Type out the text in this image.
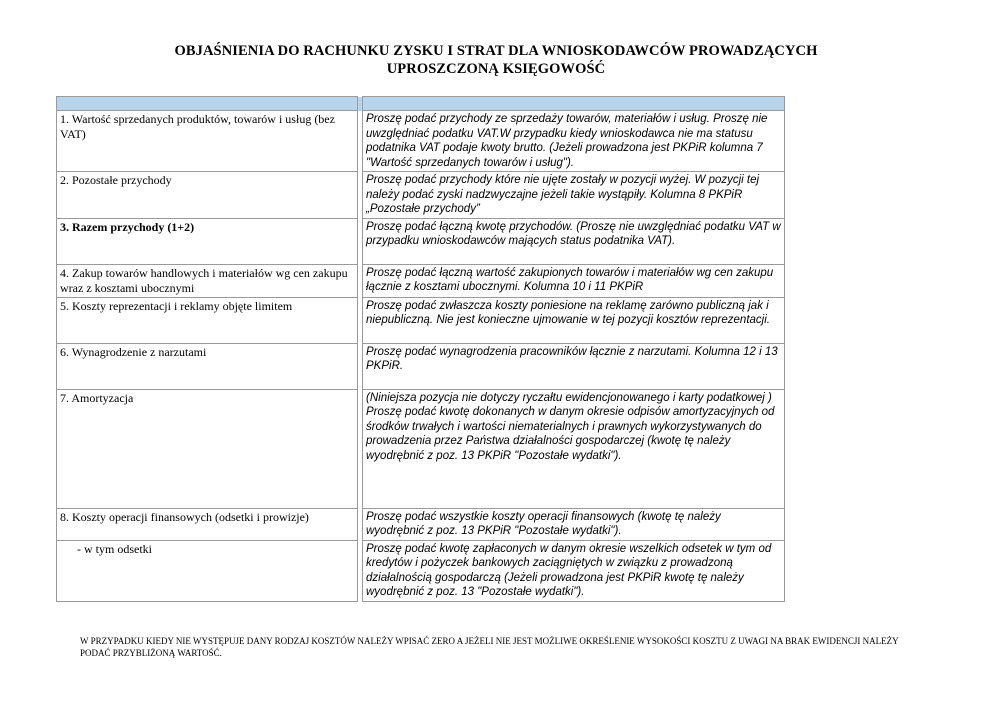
OBJAŚNIENIA DO RACHUNKU ZYSKU I STRAT DLA WNIOSKODAWCÓW PROWADZĄCYCH
UPROSZCZONĄ KSIĘGOWOŚĆ

1. Wartość sprzedanych produktów, towarów i usług (bez VAT)		Proszę podać przychody ze sprzedaży towarów, materiałów i usług. Proszę nie uwzględniać podatku VAT.W przypadku kiedy wnioskodawca nie ma statusu podatnika VAT podaje kwoty brutto. (Jeżeli prowadzona jest PKPiR kolumna 7 "Wartość sprzedanych towarów i usług").
2. Pozostałe przychody		Proszę podać przychody które nie ujęte zostały w pozycji wyżej. W pozycji tej należy podać zyski nadzwyczajne jeżeli takie wystąpiły. Kolumna 8 PKPiR „Pozostałe przychody”
3. Razem przychody (1+2)		Proszę podać łączną kwotę przychodów. (Proszę nie uwzględniać podatku VAT w przypadku wnioskodawców mających status podatnika VAT).
4. Zakup towarów handlowych i materiałów wg cen zakupu wraz z kosztami ubocznymi		Proszę podać łączną wartość zakupionych towarów i materiałów wg cen zakupu łącznie z kosztami ubocznymi. Kolumna 10 i 11 PKPiR
5. Koszty reprezentacji i reklamy objęte limitem		Proszę podać zwłaszcza koszty poniesione na reklamę zarówno publiczną jak i niepubliczną. Nie jest konieczne ujmowanie w tej pozycji kosztów reprezentacji.
6. Wynagrodzenie z narzutami		Proszę podać wynagrodzenia pracowników łącznie z narzutami. Kolumna 12 i 13 PKPiR.
7. Amortyzacja		(Niniejsza pozycja nie dotyczy ryczałtu ewidencjonowanego i karty podatkowej )
Proszę podać kwotę dokonanych w danym okresie odpisów amortyzacyjnych od środków trwałych i wartości niematerialnych i prawnych wykorzystywanych do prowadzenia przez Państwa działalności gospodarczej (kwotę tę należy wyodrębnić z poz. 13 PKPiR "Pozostałe wydatki").

8. Koszty operacji finansowych (odsetki i prowizje)		Proszę podać wszystkie koszty operacji finansowych (kwotę tę należy wyodrębnić z poz. 13 PKPiR "Pozostałe wydatki").
- w tym odsetki		Proszę podać kwotę zapłaconych w danym okresie wszelkich odsetek w tym od kredytów i pożyczek bankowych zaciągniętych w związku z prowadzoną działalnością gospodarczą (Jeżeli prowadzona jest PKPiR kwotę tę należy wyodrębnić z poz. 13 "Pozostałe wydatki").
W PRZYPADKU KIEDY NIE WYSTĘPUJE DANY RODZAJ KOSZTÓW NALEŻY WPISAĆ ZERO A JEŻELI NIE JEST MOŻLIWE OKREŚLENIE WYSOKOŚCI KOSZTU Z UWAGI NA BRAK EWIDENCJI NALEŻY PODAĆ PRZYBLIŻONĄ WARTOŚĆ.
